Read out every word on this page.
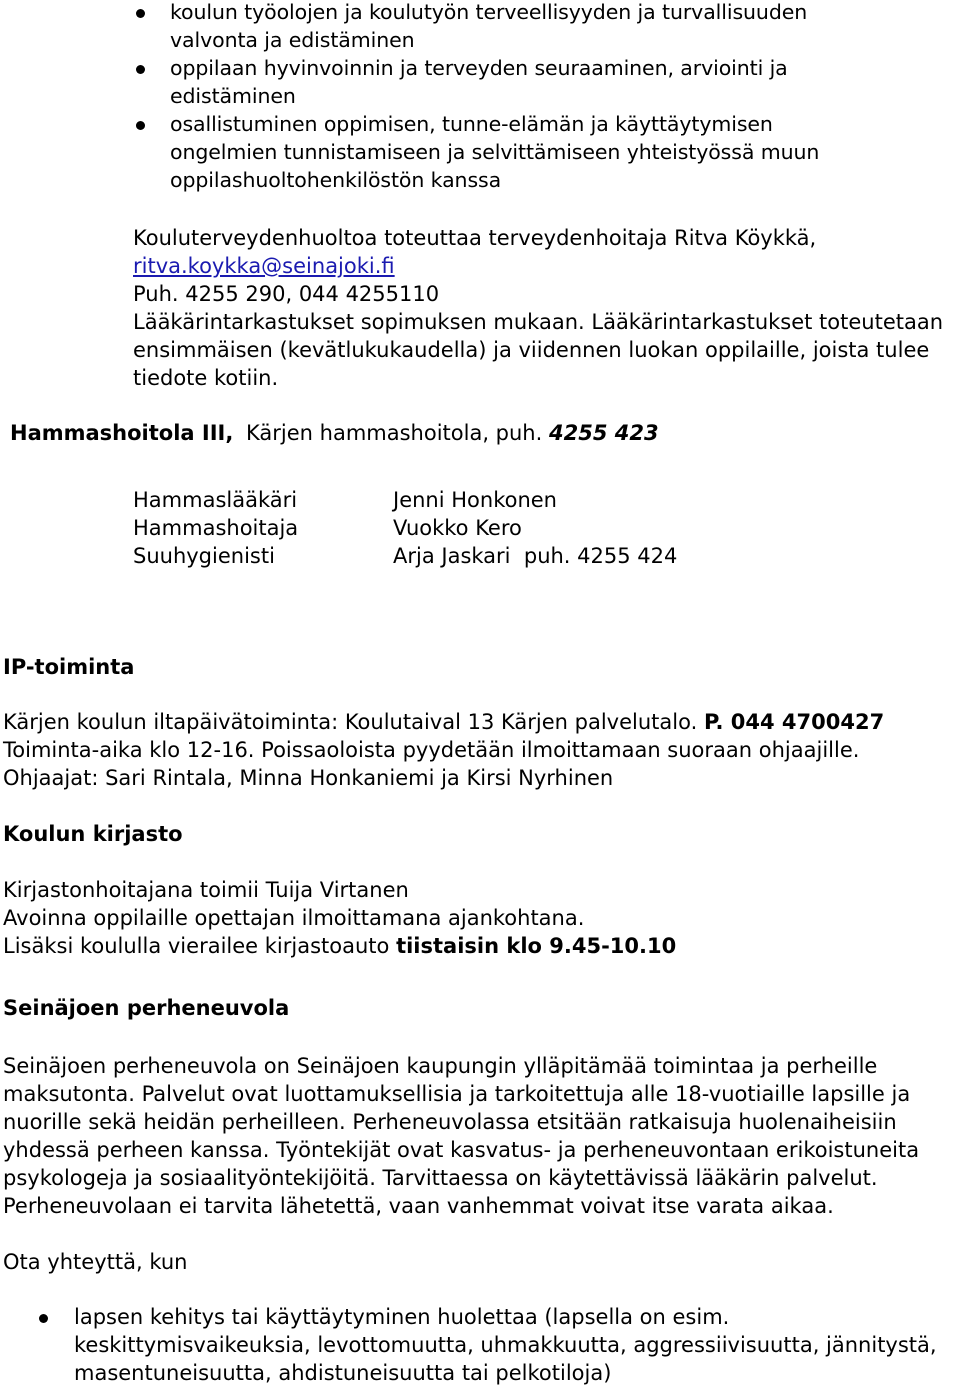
koulun työolojen ja koulutyön terveellisyyden ja turvallisuuden
valvonta ja edistäminen
oppilaan hyvinvoinnin ja terveyden seuraaminen, arviointi ja
edistäminen
osallistuminen oppimisen, tunne-elämän ja käyttäytymisen
ongelmien tunnistamiseen ja selvittämiseen yhteistyössä muun
oppilashuoltohenkilöstön kanssa
Kouluterveydenhuoltoa toteuttaa terveydenhoitaja Ritva Köykkä,
ritva.koykka@seinajoki.fi
Puh. 4255 290, 044 4255110
Lääkärintarkastukset sopimuksen mukaan. Lääkärintarkastukset toteutetaan
ensimmäisen (kevätlukukaudella) ja viidennen luokan oppilaille, joista tulee
tiedote kotiin.
Hammashoitola III, Kärjen hammashoitola, puh. 4255 423
Hammaslääkäri	Jenni Honkonen
Hammashoitaja	Vuokko Kero
Suuhygienisti	Arja Jaskari  puh. 4255 424
IP-toiminta
Kärjen koulun iltapäivätoiminta: Koulutaival 13 Kärjen palvelutalo. P. 044 4700427
Toiminta-aika klo 12-16. Poissaoloista pyydetään ilmoittamaan suoraan ohjaajille.
Ohjaajat: Sari Rintala, Minna Honkaniemi ja Kirsi Nyrhinen
Koulun kirjasto
Kirjastonhoitajana toimii Tuija Virtanen
Avoinna oppilaille opettajan ilmoittamana ajankohtana.
Lisäksi koululla vierailee kirjastoauto tiistaisin klo 9.45-10.10
Seinäjoen perheneuvola
Seinäjoen perheneuvola on Seinäjoen kaupungin ylläpitämää toimintaa ja perheille
maksutonta. Palvelut ovat luottamuksellisia ja tarkoitettuja alle 18-vuotiaille lapsille ja
nuorille sekä heidän perheilleen. Perheneuvolassa etsitään ratkaisuja huolenaiheisiin
yhdessä perheen kanssa. Työntekijät ovat kasvatus- ja perheneuvontaan erikoistuneita
psykologeja ja sosiaalityöntekijöitä. Tarvittaessa on käytettävissä lääkärin palvelut.
Perheneuvolaan ei tarvita lähetettä, vaan vanhemmat voivat itse varata aikaa.
Ota yhteyttä, kun
lapsen kehitys tai käyttäytyminen huolettaa (lapsella on esim.
keskittymisvaikeuksia, levottomuutta, uhmakkuutta, aggressiivisuutta, jännitystä,
masentuneisuutta, ahdistuneisuutta tai pelkotiloja)
